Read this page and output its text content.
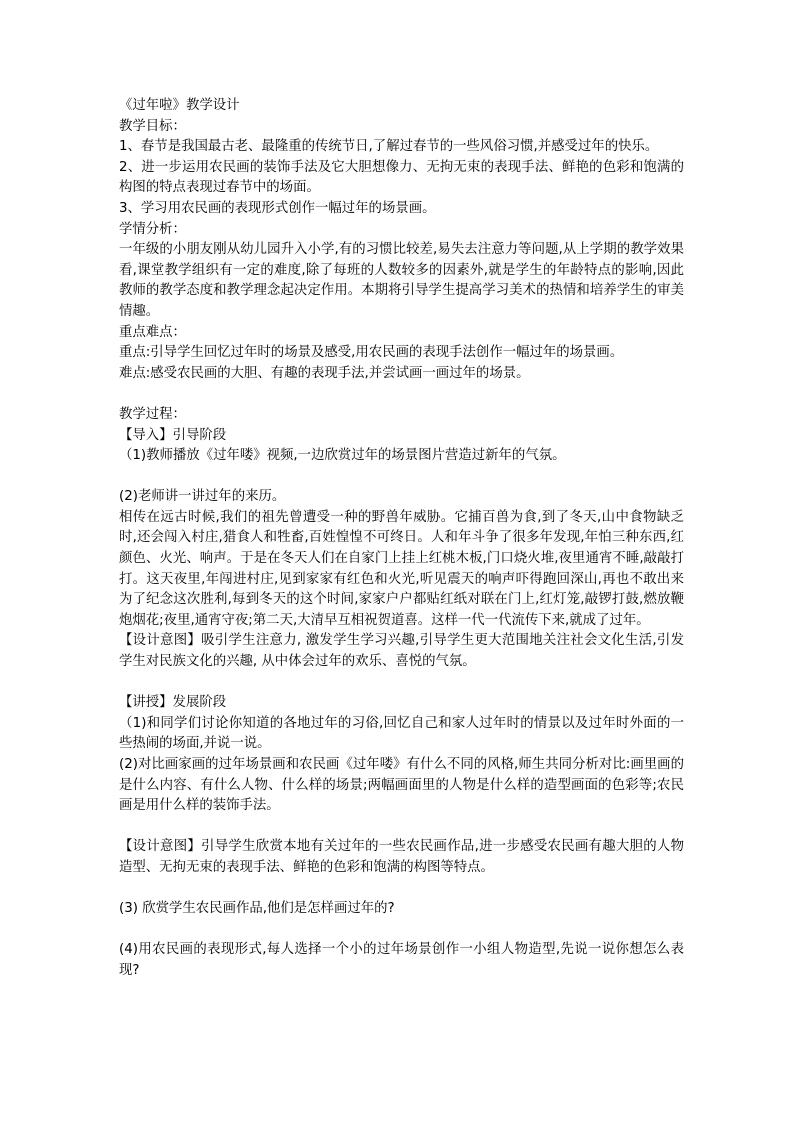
《过年啦》教学设计

教学目标：

1、春节是我国最古老、最隆重的传统节日,了解过春节的一些风俗习惯,并感受过年的快乐。

2、进一步运用农民画的装饰手法及它大胆想像力、无拘无束的表现手法、鲜艳的色彩和饱满的构图的特点表现过春节中的场面。

3、学习用农民画的表现形式创作一幅过年的场景画。

学情分析：

一年级的小朋友刚从幼儿园升入小学,有的习惯比较差,易失去注意力等问题,从上学期的教学效果看,课堂教学组织有一定的难度,除了每班的人数较多的因素外,就是学生的年龄特点的影响,因此教师的教学态度和教学理念起决定作用。本期将引导学生提高学习美术的热情和培养学生的审美情趣。

重点难点：

重点:引导学生回忆过年时的场景及感受,用农民画的表现手法创作一幅过年的场景画。

难点:感受农民画的大胆、有趣的表现手法,并尝试画一画过年的场景。

教学过程：

【导入】引导阶段

（1)教师播放《过年喽》视频,一边欣赏过年的场景图片营造过新年的气氛。

(2)老师讲一讲过年的来历。

相传在远古时候,我们的祖先曾遭受一种的野兽年威胁。它捕百兽为食,到了冬天,山中食物缺乏时,还会闯入村庄,猎食人和牲畜,百姓惶惶不可终日。人和年斗争了很多年发现,年怕三种东西,红颜色、火光、响声。于是在冬天人们在自家门上挂上红桃木板,门口烧火堆,夜里通宵不睡,敲敲打打。这天夜里,年闯进村庄,见到家家有红色和火光,听见震天的响声吓得跑回深山,再也不敢出来 为了纪念这次胜利,每到冬天的这个时间,家家户户都贴红纸对联在门上,红灯笼,敲锣打鼓,燃放鞭炮烟花;夜里,通宵守夜;第二天,大清早互相祝贺道喜。这样一代一代流传下来,就成了过年。

【设计意图】吸引学生注意力, 激发学生学习兴趣,引导学生更大范围地关注社会文化生活,引发学生对民族文化的兴趣, 从中体会过年的欢乐、喜悦的气氛。

【讲授】发展阶段

（1)和同学们讨论你知道的各地过年的习俗,回忆自己和家人过年时的情景以及过年时外面的一些热闹的场面,并说一说。

(2)对比画家画的过年场景画和农民画《过年喽》有什么不同的风格,师生共同分析对比:画里画的是什么内容、有什么人物、什么样的场景;两幅画面里的人物是什么样的造型画面的色彩等;农民画是用什么样的装饰手法。

【设计意图】引导学生欣赏本地有关过年的一些农民画作品,进一步感受农民画有趣大胆的人物造型、无拘无束的表现手法、鲜艳的色彩和饱满的构图等特点。

(3) 欣赏学生农民画作品,他们是怎样画过年的?

(4)用农民画的表现形式,每人选择一个小的过年场景创作一小组人物造型,先说一说你想怎么表现?
